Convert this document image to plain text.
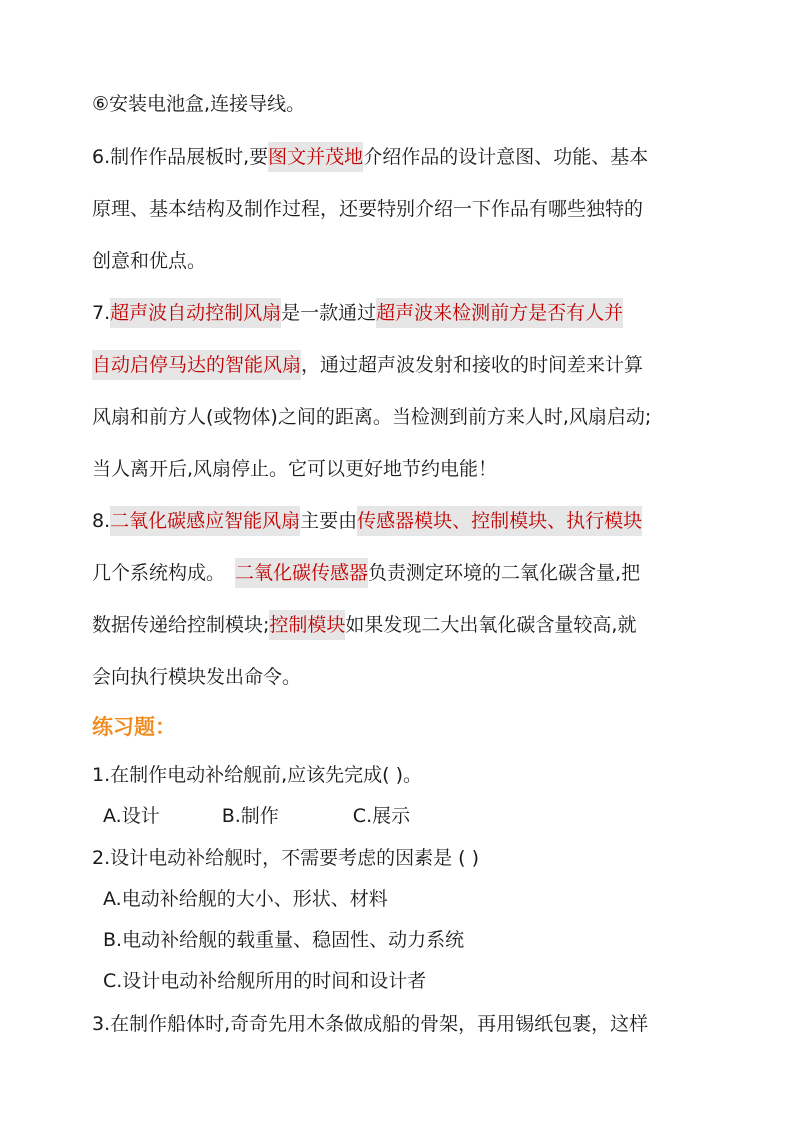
⑥安装电池盒,连接导线。
6.制作作品展板时,要图文并茂地介绍作品的设计意图、功能、基本
原理、基本结构及制作过程，还要特别介绍一下作品有哪些独特的
创意和优点。
7.超声波自动控制风扇是一款通过超声波来检测前方是否有人并
自动启停马达的智能风扇，通过超声波发射和接收的时间差来计算
风扇和前方人(或物体)之间的距离。当检测到前方来人时,风扇启动;
当人离开后,风扇停止。它可以更好地节约电能！
8.二氧化碳感应智能风扇主要由传感器模块、控制模块、执行模块
几个系统构成。 二氧化碳传感器负责测定环境的二氧化碳含量,把
数据传递给控制模块;控制模块如果发现二大出氧化碳含量较高,就
会向执行模块发出命令。
练习题：
1.在制作电动补给舰前,应该先完成( )。
A.设计	B.制作	C.展示
2.设计电动补给舰时，不需要考虑的因素是 ( )
A.电动补给舰的大小、形状、材料
B.电动补给舰的载重量、稳固性、动力系统
C.设计电动补给舰所用的时间和设计者
3.在制作船体时,奇奇先用木条做成船的骨架，再用锡纸包裹，这样
